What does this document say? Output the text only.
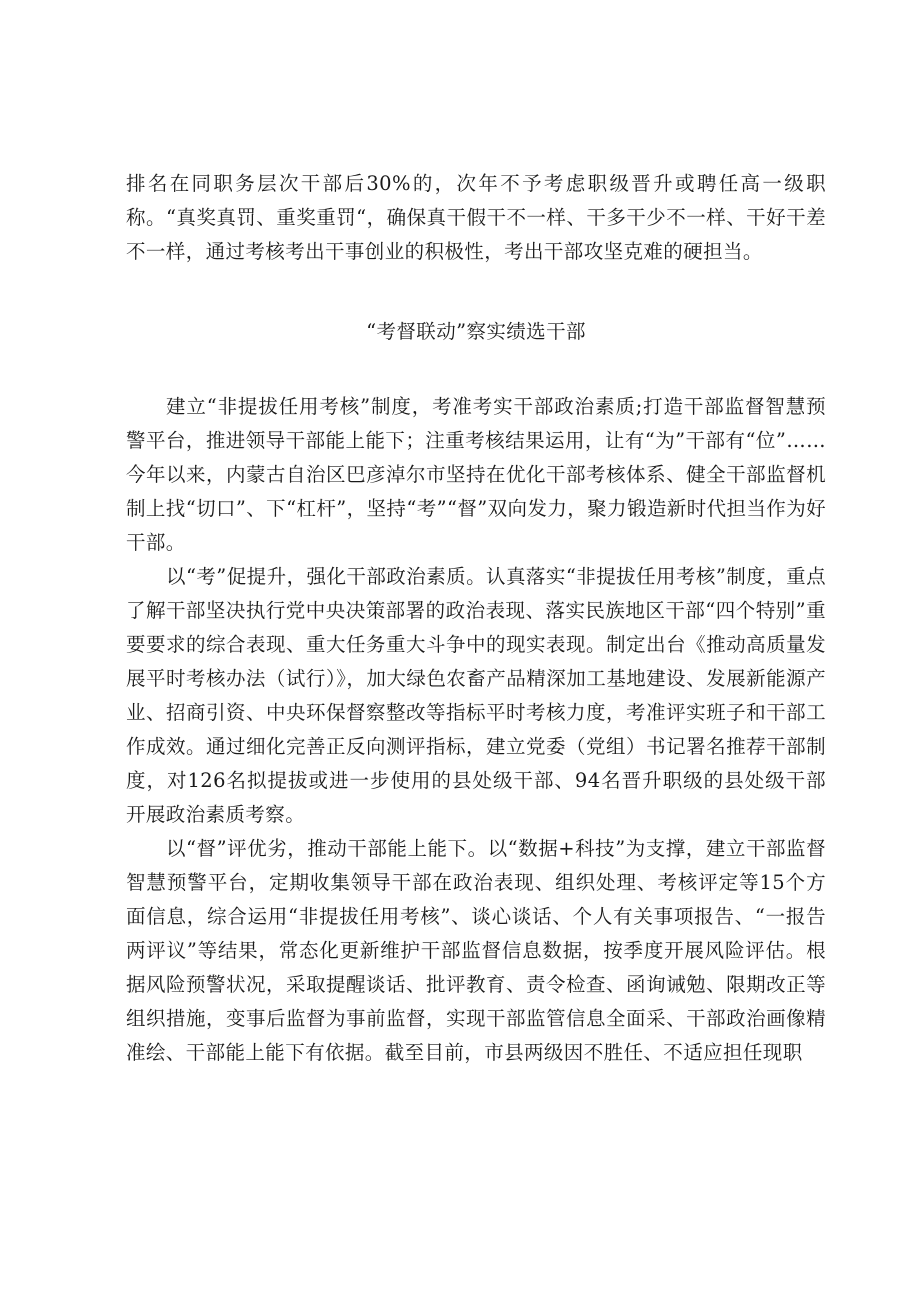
排名在同职务层次干部后30%的，次年不予考虑职级晋升或聘任高一级职称。“真奖真罚、重奖重罚“，确保真干假干不一样、干多干少不一样、干好干差不一样，通过考核考出干事创业的积极性，考出干部攻坚克难的硬担当。

“考督联动”察实绩选干部

建立“非提拔任用考核”制度，考准考实干部政治素质;打造干部监督智慧预警平台，推进领导干部能上能下；注重考核结果运用，让有“为”干部有“位”……今年以来，内蒙古自治区巴彦淖尔市坚持在优化干部考核体系、健全干部监督机制上找“切口”、下“杠杆”，坚持“考”“督”双向发力，聚力锻造新时代担当作为好干部。

以“考”促提升，强化干部政治素质。认真落实“非提拔任用考核”制度，重点了解干部坚决执行党中央决策部署的政治表现、落实民族地区干部“四个特别”重要要求的综合表现、重大任务重大斗争中的现实表现。制定出台《推动高质量发展平时考核办法（试行）》，加大绿色农畜产品精深加工基地建设、发展新能源产业、招商引资、中央环保督察整改等指标平时考核力度，考准评实班子和干部工作成效。通过细化完善正反向测评指标，建立党委（党组）书记署名推荐干部制度，对126名拟提拔或进一步使用的县处级干部、94名晋升职级的县处级干部开展政治素质考察。

以“督”评优劣，推动干部能上能下。以“数据+科技”为支撑，建立干部监督智慧预警平台，定期收集领导干部在政治表现、组织处理、考核评定等15个方面信息，综合运用“非提拔任用考核”、谈心谈话、个人有关事项报告、“一报告两评议”等结果，常态化更新维护干部监督信息数据，按季度开展风险评估。根据风险预警状况，采取提醒谈话、批评教育、责令检查、函询诫勉、限期改正等组织措施，变事后监督为事前监督，实现干部监管信息全面采、干部政治画像精准绘、干部能上能下有依据。截至目前，市县两级因不胜任、不适应担任现职
